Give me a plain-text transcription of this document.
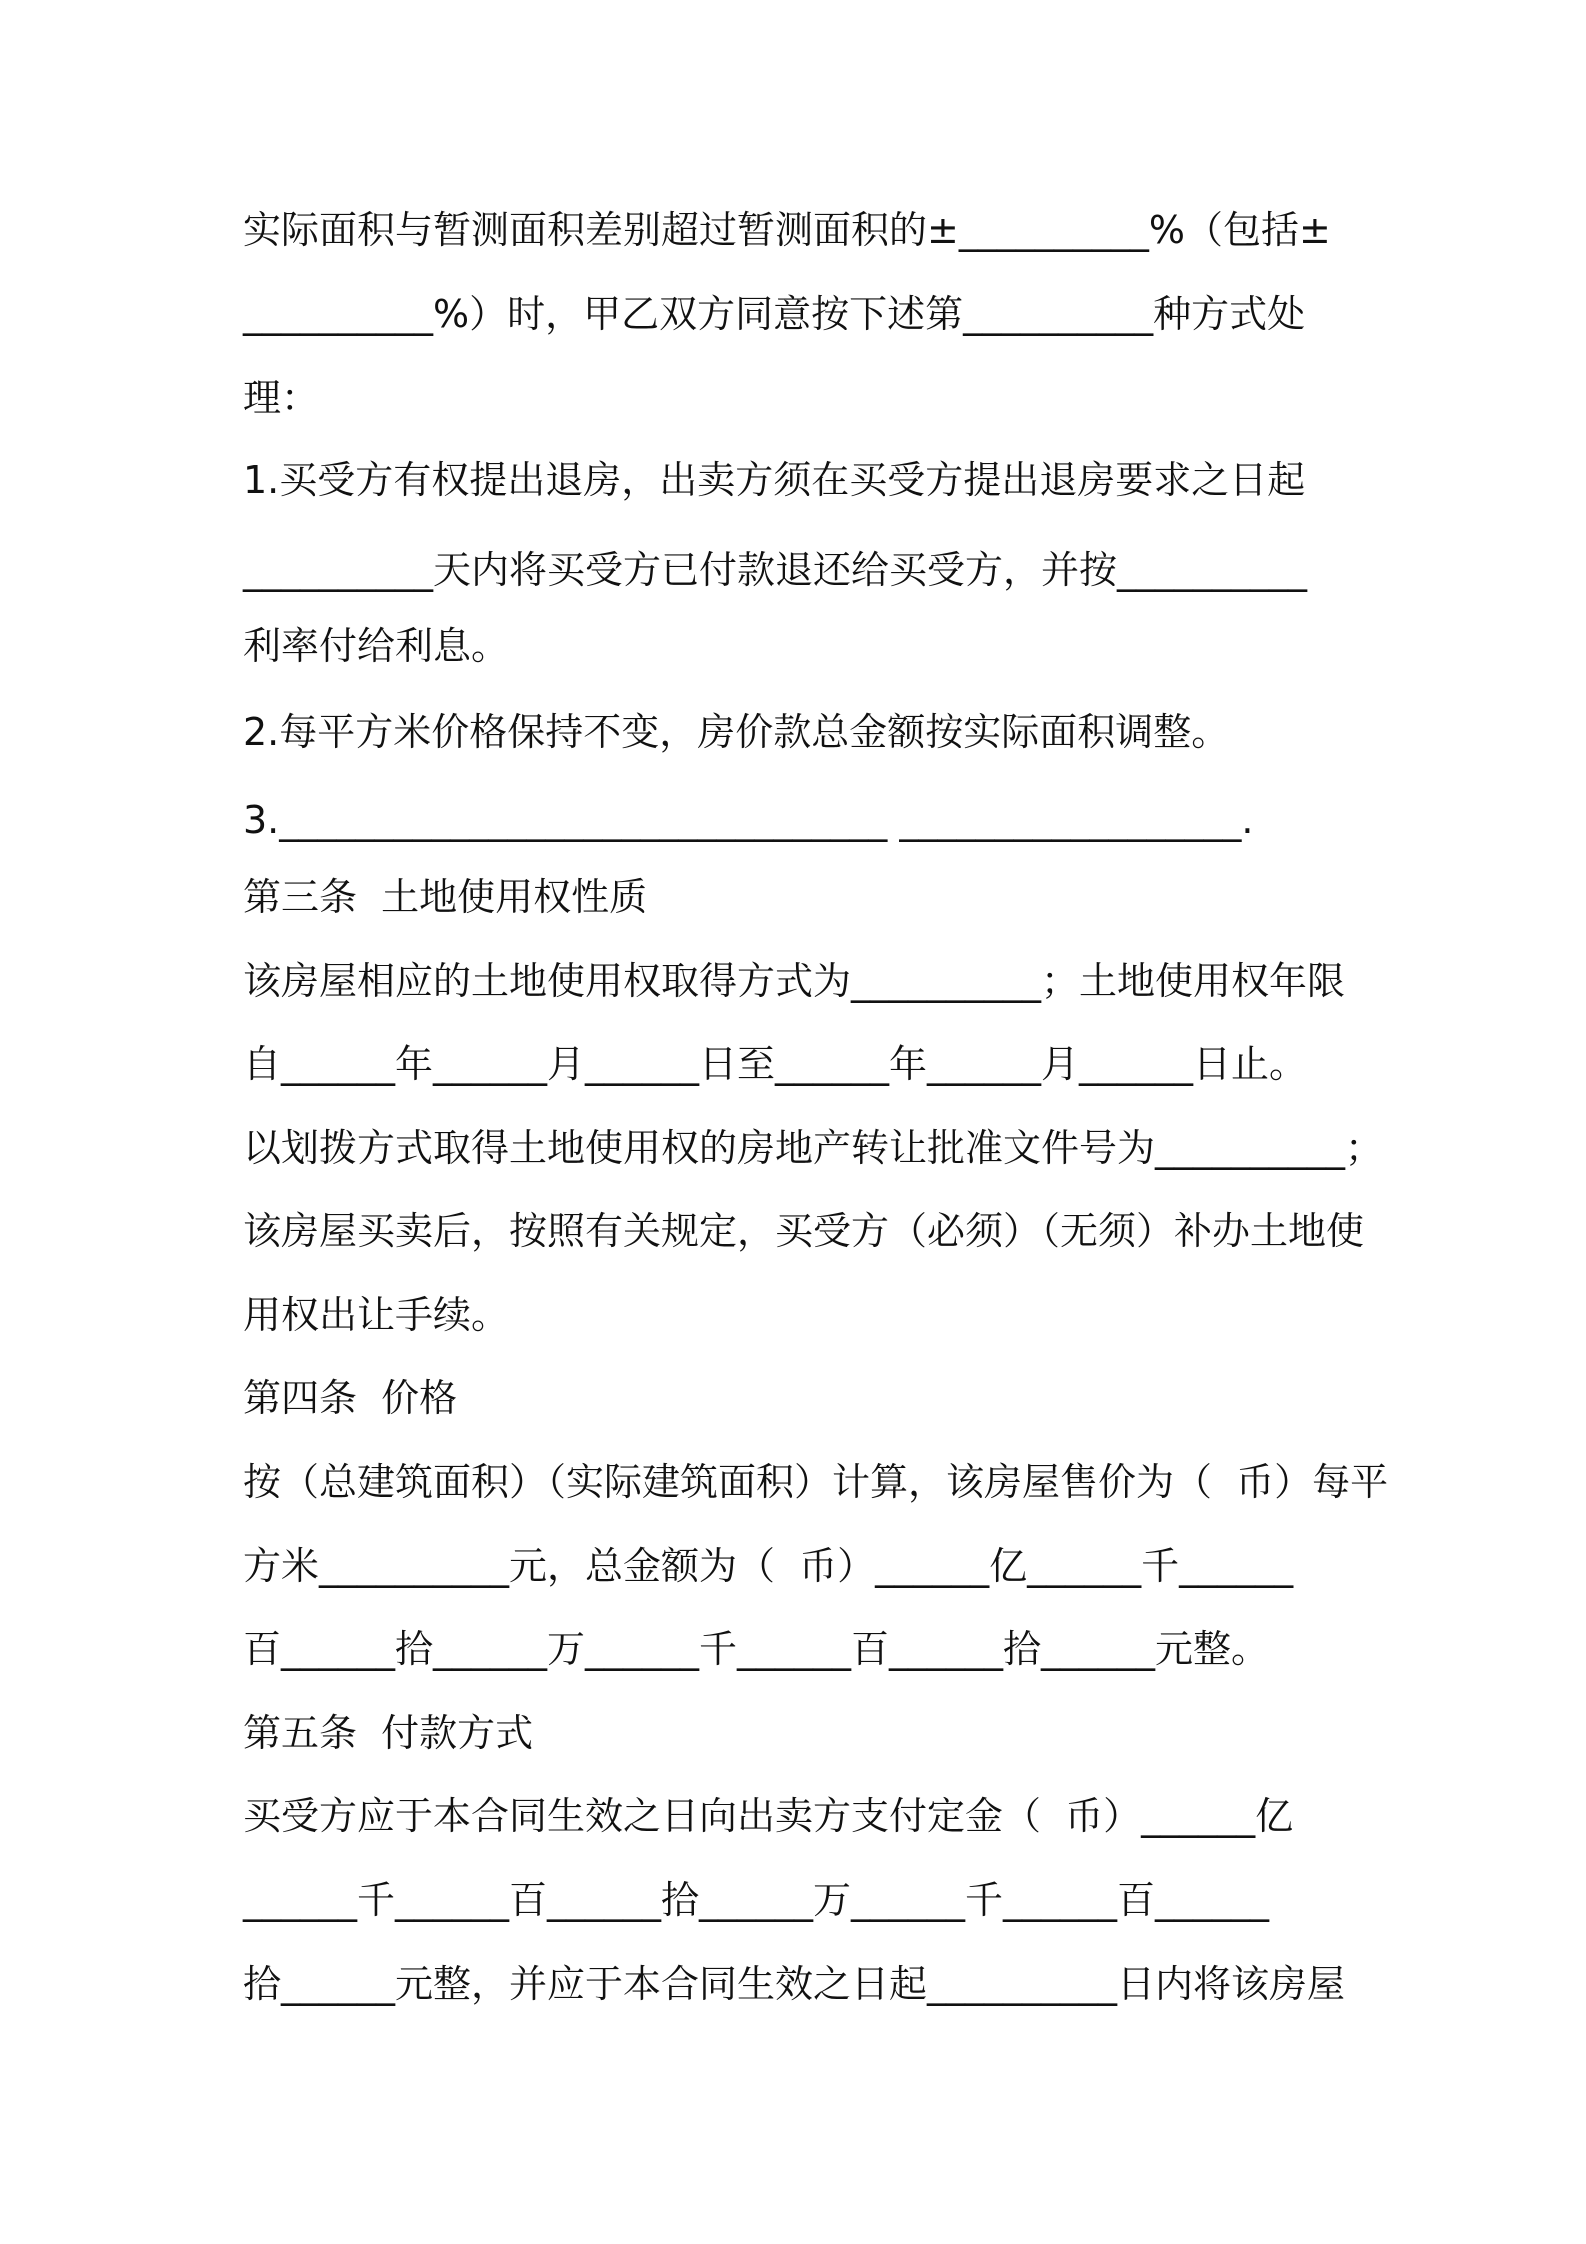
实际面积与暂测面积差别超过暂测面积的±__________%（包括±
__________%）时，甲乙双方同意按下述第__________种方式处
理：
1.买受方有权提出退房，出卖方须在买受方提出退房要求之日起
__________天内将买受方已付款退还给买受方，并按__________
利率付给利息。
2.每平方米价格保持不变，房价款总金额按实际面积调整。
3.________________________________ __________________.
第三条  土地使用权性质
该房屋相应的土地使用权取得方式为__________；土地使用权年限
自______年______月______日至______年______月______日止。
以划拨方式取得土地使用权的房地产转让批准文件号为__________；
该房屋买卖后，按照有关规定，买受方（必须）（无须）补办土地使
用权出让手续。
第四条  价格
按（总建筑面积）（实际建筑面积）计算，该房屋售价为（  币）每平
方米__________元，总金额为（  币）______亿______千______
百______拾______万______千______百______拾______元整。
第五条  付款方式
买受方应于本合同生效之日向出卖方支付定金（  币）______亿
______千______百______拾______万______千______百______
拾______元整，并应于本合同生效之日起__________日内将该房屋
